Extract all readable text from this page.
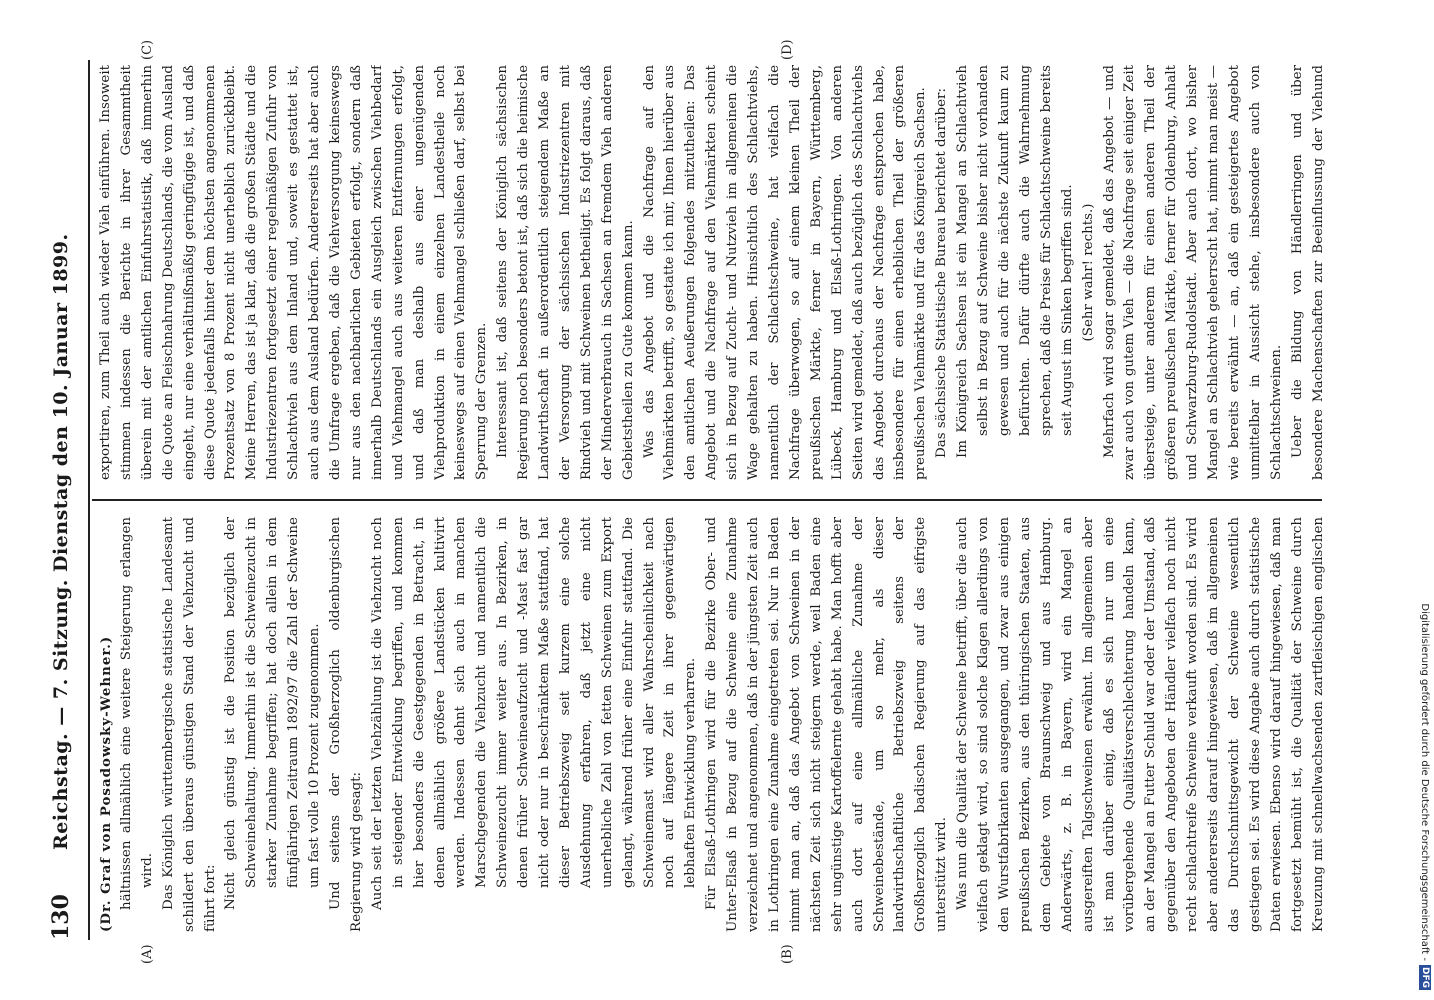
130
Reichstag. — 7. Sitzung. Dienstag den 10. Januar 1899.
(A)	(B)
(C)	(D)

(Dr. Graf von Posadowsky-Wehner.) hältnissen allmählich eine weitere Steigerung erlangen wird. Das Königlich württembergische statistische Landesamt schildert den überaus günstigen Stand der Viehzucht und führt fort: Nicht gleich günstig ist die Position bezüglich der Schweinehaltung. Immerhin ist die Schweinezucht in starker Zunahme begriffen; hat doch allein in dem fünfjährigen Zeitraum 1892/97 die Zahl der Schweine um fast volle 10 Prozent zugenommen. Und seitens der Großherzoglich oldenburgischen Regierung wird gesagt: Auch seit der letzten Viehzählung ist die Viehzucht noch in steigender Entwicklung begriffen, und kommen hier besonders die Geestgegenden in Betracht, in denen allmählich größere Landstücken kultivirt werden. Indessen dehnt sich auch in manchen Marschgegenden die Viehzucht und namentlich die Schweinezucht immer weiter aus. In Bezirken, in denen früher Schweineaufzucht und -Mast fast gar nicht oder nur in beschränktem Maße stattfand, hat dieser Betriebszweig seit kurzem eine solche Ausdehnung erfahren, daß jetzt eine nicht unerhebliche Zahl von fetten Schweinen zum Export gelangt, während früher eine Einfuhr stattfand. Die Schweinemast wird aller Wahrscheinlichkeit nach noch auf längere Zeit in ihrer gegenwärtigen lebhaften Entwicklung verharren. Für Elsaß-Lothringen wird für die Bezirke Ober- und Unter-Elsaß in Bezug auf die Schweine eine Zunahme verzeichnet und angenommen, daß in der jüngsten Zeit auch in Lothringen eine Zunahme eingetreten sei. Nur in Baden nimmt man an, daß das Angebot von Schweinen in der nächsten Zeit sich nicht steigern werde, weil Baden eine sehr ungünstige Kartoffelernte gehabt habe. Man hofft aber auch dort auf eine allmähliche Zunahme der Schweinebestände, um so mehr, als dieser landwirthschaftliche Betriebszweig seitens der Großherzoglich badischen Regierung auf das eifrigste unterstützt wird. Was nun die Qualität der Schweine betrifft, über die auch vielfach geklagt wird, so sind solche Klagen allerdings von den Wurstfabrikanten ausgegangen, und zwar aus einigen preußischen Bezirken, aus den thüringischen Staaten, aus dem Gebiete von Braunschweig und aus Hamburg. Anderwärts, z. B. in Bayern, wird ein Mangel an ausgereiften Talgschweinen erwähnt. Im allgemeinen aber ist man darüber einig, daß es sich nur um eine vorübergehende Qualitätsverschlechterung handeln kann, an der Mangel an Futter Schuld war oder der Umstand, daß gegenüber den Angeboten der Händler vielfach noch nicht recht schlachtreife Schweine verkauft worden sind. Es wird aber andererseits darauf hingewiesen, daß im allgemeinen das Durchschnittsgewicht der Schweine wesentlich gestiegen sei. Es wird diese Angabe auch durch statistische Daten erwiesen. Ebenso wird darauf hingewiesen, daß man fortgesetzt bemüht ist, die Qualität der Schweine durch Kreuzung mit schnellwachsenden zartfleischigen englischen

exportiren, zum Theil auch wieder Vieh einführen. Insoweit stimmen indessen die Berichte in ihrer Gesammtheit überein mit der amtlichen Einfuhrstatistik, daß immerhin die Quote an Fleischnahrung Deutschlands, die vom Ausland eingeht, nur eine verhältnißmäßig geringfügige ist, und daß diese Quote jedenfalls hinter dem höchsten angenommenen Prozentsatz von 8 Prozent nicht unerheblich zurückbleibt. Meine Herren, das ist ja klar, daß die großen Städte und die Industriezentren fortgesetzt einer regelmäßigen Zufuhr von Schlachtvieh aus dem Inland und, soweit es gestattet ist, auch aus dem Ausland bedürfen. Andererseits hat aber auch die Umfrage ergeben, daß die Viehversorgung keineswegs nur aus den nachbarlichen Gebieten erfolgt, sondern daß innerhalb Deutschlands ein Ausgleich zwischen Viehbedarf und Viehmangel auch aus weiteren Entfernungen erfolgt, und daß man deshalb aus einer ungenügenden Viehproduktion in einem einzelnen Landestheile noch keineswegs auf einen Viehmangel schließen darf, selbst bei Sperrung der Grenzen. Interessant ist, daß seitens der Königlich sächsischen Regierung noch besonders betont ist, daß sich die heimische Landwirthschaft in außerordentlich steigendem Maße an der Versorgung der sächsischen Industriezentren mit Rindvieh und mit Schweinen betheiligt. Es folgt daraus, daß der Minderverbrauch in Sachsen an fremdem Vieh anderen Gebietstheilen zu Gute kommen kann. Was das Angebot und die Nachfrage auf den Viehmärkten betrifft, so gestatte ich mir, Ihnen hierüber aus den amtlichen Aeußerungen folgendes mitzutheilen: Das Angebot und die Nachfrage auf den Viehmärkten scheint sich in Bezug auf Zucht- und Nutzvieh im allgemeinen die Wage gehalten zu haben. Hinsichtlich des Schlachtviehs, namentlich der Schlachtschweine, hat vielfach die Nachfrage überwogen, so auf einem kleinen Theil der preußischen Märkte, ferner in Bayern, Württemberg, Lübeck, Hamburg und Elsaß-Lothringen. Von anderen Seiten wird gemeldet, daß auch bezüglich des Schlachtviehs das Angebot durchaus der Nachfrage entsprochen habe, insbesondere für einen erheblichen Theil der größeren preußischen Viehmärkte und für das Königreich Sachsen. Das sächsische Statistische Bureau berichtet darüber: Im Königreich Sachsen ist ein Mangel an Schlachtvieh selbst in Bezug auf Schweine bisher nicht vorhanden gewesen und auch für die nächste Zukunft kaum zu befürchten. Dafür dürfte auch die Wahrnehmung sprechen, daß die Preise für Schlachtschweine bereits seit August im Sinken begriffen sind. (Sehr wahr! rechts.) Mehrfach wird sogar gemeldet, daß das Angebot — und zwar auch von gutem Vieh — die Nachfrage seit einiger Zeit übersteige, unter anderem für einen anderen Theil der größeren preußischen Märkte, ferner für Oldenburg, Anhalt und Schwarzburg-Rudolstadt. Aber auch dort, wo bisher Mangel an Schlachtvieh geherrscht hat, nimmt man meist — wie bereits erwähnt — an, daß ein gesteigertes Angebot unmittelbar in Aussicht stehe, insbesondere auch von Schlachtschweinen. Ueber die Bildung von Händlerringen und über besondere Machenschaften zur Beeinflussung der Viehund

Digitalisierung gefördert durch die Deutsche Forschungsgemeinschaft -
DFG
